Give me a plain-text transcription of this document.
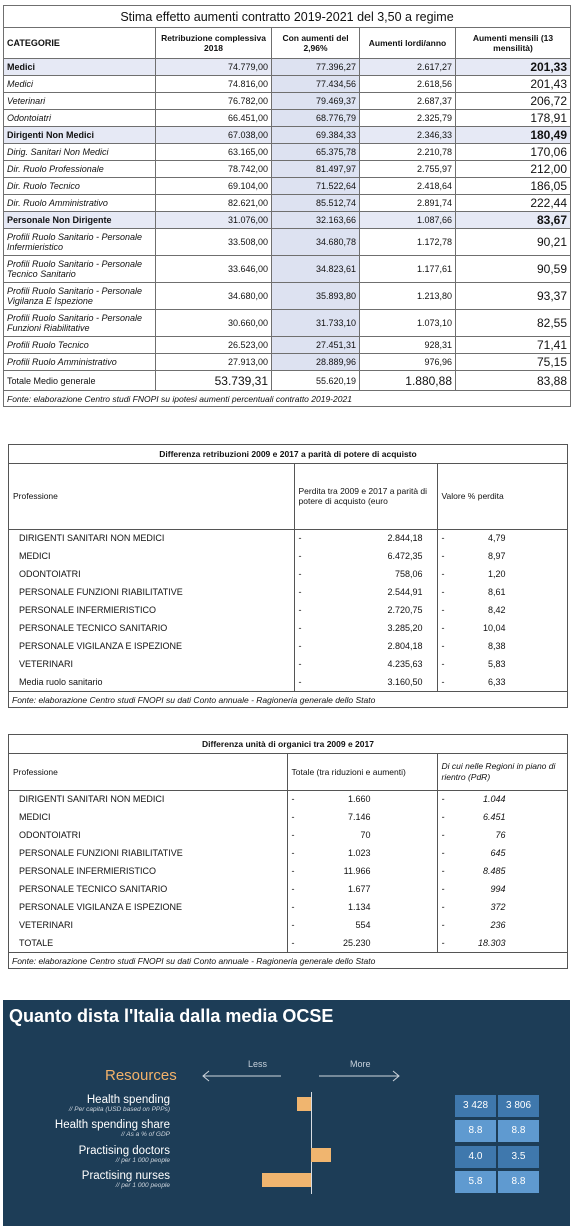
Stima effetto aumenti contratto 2019-2021 del 3,50 a regime				
CATEGORIE	Retribuzione complessiva 2018	Con aumenti del 2,96%	Aumenti lordi/anno	Aumenti mensili (13 mensilità)
Medici	74.779,00	77.396,27	2.617,27	201,33
Medici	74.816,00	77.434,56	2.618,56	201,43
Veterinari	76.782,00	79.469,37	2.687,37	206,72
Odontoiatri	66.451,00	68.776,79	2.325,79	178,91
Dirigenti Non Medici	67.038,00	69.384,33	2.346,33	180,49
Dirig. Sanitari Non Medici	63.165,00	65.375,78	2.210,78	170,06
Dir. Ruolo Professionale	78.742,00	81.497,97	2.755,97	212,00
Dir. Ruolo Tecnico	69.104,00	71.522,64	2.418,64	186,05
Dir. Ruolo Amministrativo	82.621,00	85.512,74	2.891,74	222,44
Personale Non Dirigente	31.076,00	32.163,66	1.087,66	83,67
Profili Ruolo Sanitario - Personale Infermieristico	33.508,00	34.680,78	1.172,78	90,21
Profili Ruolo Sanitario - Personale Tecnico Sanitario	33.646,00	34.823,61	1.177,61	90,59
Profili Ruolo Sanitario - Personale Vigilanza E Ispezione	34.680,00	35.893,80	1.213,80	93,37
Profili Ruolo Sanitario - Personale Funzioni Riabilitative	30.660,00	31.733,10	1.073,10	82,55
Profili Ruolo Tecnico	26.523,00	27.451,31	928,31	71,41
Profili Ruolo Amministrativo	27.913,00	28.889,96	976,96	75,15
Totale Medio generale	53.739,31	55.620,19	1.880,88	83,88
Fonte: elaborazione Centro studi FNOPI su ipotesi aumenti percentuali contratto 2019-2021				
Differenza retribuzioni 2009 e 2017 a parità di potere di acquisto
Professione	Perdita tra 2009 e 2017 a parità di potere di acquisto (euro	Valore % perdita
DIRIGENTI SANITARI NON MEDICI	- 2.844,18	- 4,79
MEDICI	- 6.472,35	- 8,97
ODONTOIATRI	- 758,06	- 1,20
PERSONALE FUNZIONI RIABILITATIVE	- 2.544,91	- 8,61
PERSONALE INFERMIERISTICO	- 2.720,75	- 8,42
PERSONALE TECNICO SANITARIO	- 3.285,20	- 10,04
PERSONALE VIGILANZA E ISPEZIONE	- 2.804,18	- 8,38
VETERINARI	- 4.235,63	- 5,83
Media ruolo sanitario	- 3.160,50	- 6,33
Fonte: elaborazione Centro studi FNOPI su dati Conto annuale - Ragioneria generale dello Stato
Differenza unità di organici tra 2009 e 2017
Professione	Totale (tra riduzioni e aumenti)	Di cui nelle Regioni in piano di rientro (PdR)
DIRIGENTI SANITARI NON MEDICI	- 1.660	- 1.044
MEDICI	- 7.146	- 6.451
ODONTOIATRI	- 70	- 76
PERSONALE FUNZIONI RIABILITATIVE	- 1.023	- 645
PERSONALE INFERMIERISTICO	- 11.966	- 8.485
PERSONALE TECNICO SANITARIO	- 1.677	- 994
PERSONALE VIGILANZA E ISPEZIONE	- 1.134	- 372
VETERINARI	- 554	- 236
TOTALE	- 25.230	- 18.303
Fonte: elaborazione Centro studi FNOPI su dati Conto annuale - Ragioneria generale dello Stato
Quanto dista l'Italia dalla media OCSE
Less	More
Resources
Health spending
// Per capita (USD based on PPPs)	3 428	3 806
Health spending share
// As a % of GDP	8.8	8.8
Practising doctors
// per 1 000 people	4.0	3.5
Practising nurses
// per 1 000 people	5.8	8.8
